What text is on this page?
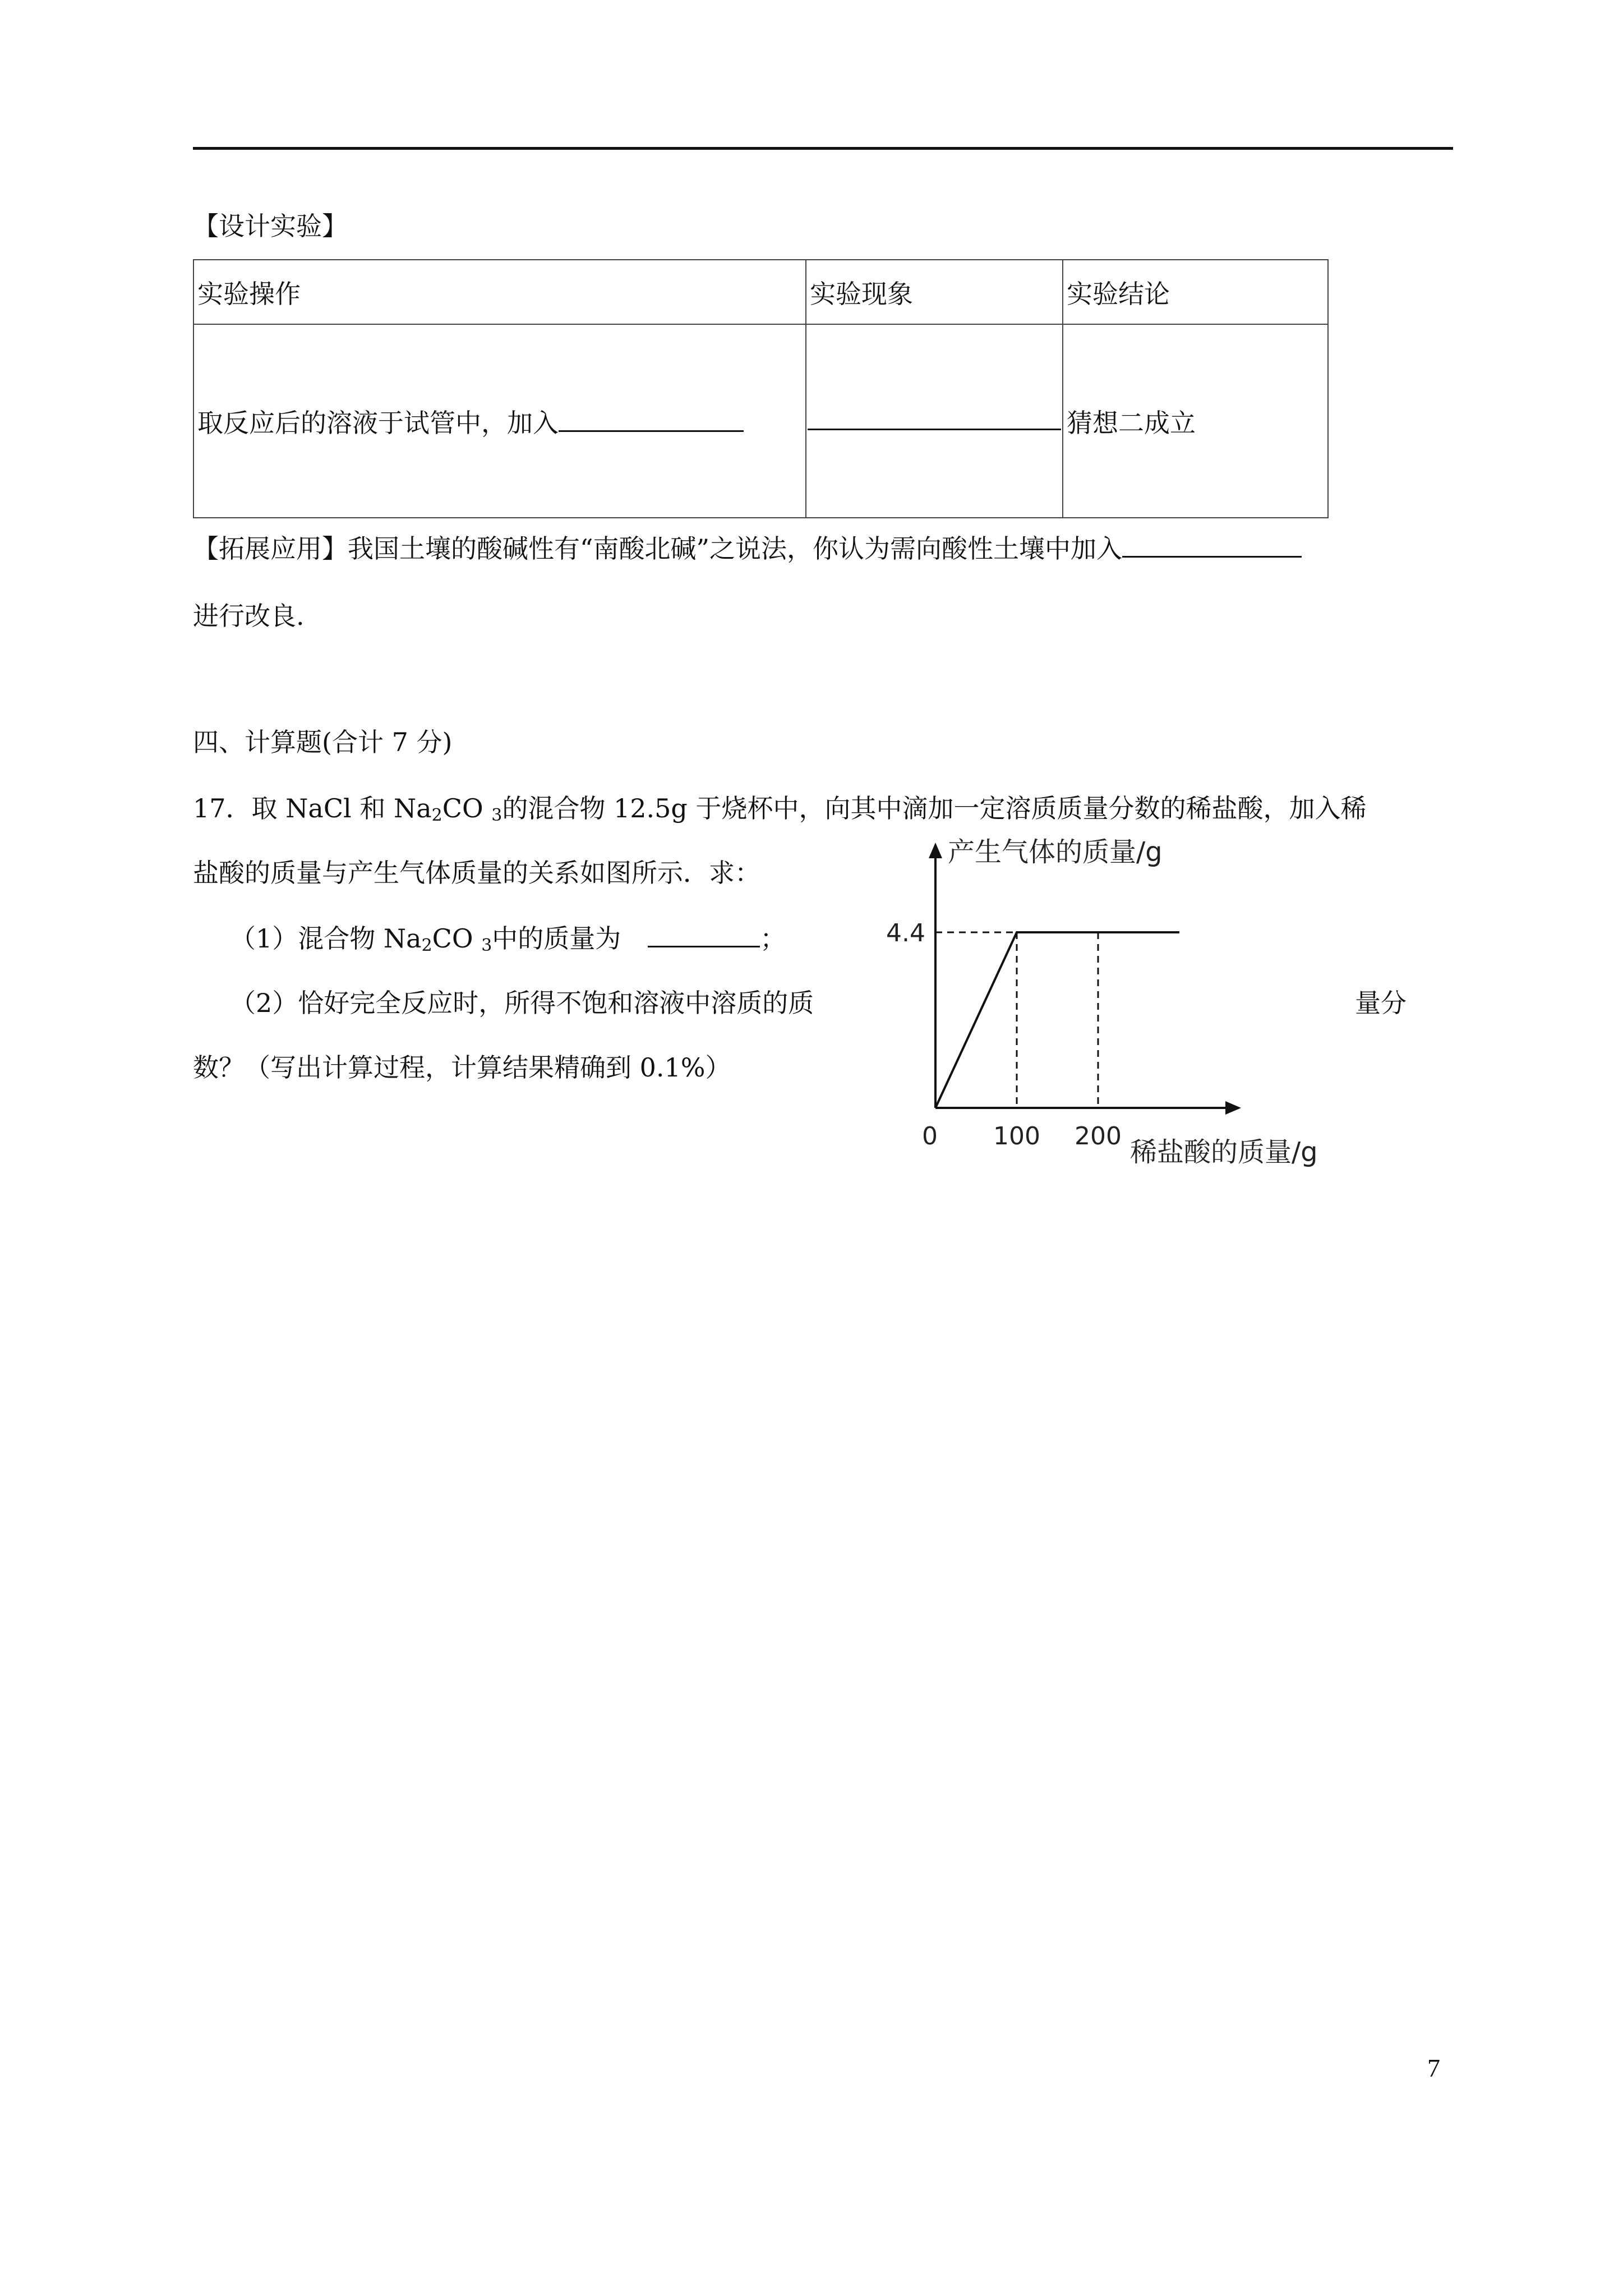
【设计实验】
实验操作	实验现象	实验结论
取反应后的溶液于试管中，加入		猜想二成立
【拓展应用】我国土壤的酸碱性有“南酸北碱”之说法，你认为需向酸性土壤中加入
进行改良.
四、计算题(合计 7 分)
17．取 NaCl 和 $Na_2CO$ $_3$的混合物 12.5g 于烧杯中，向其中滴加一定溶质质量分数的稀盐酸，加入稀
盐酸的质量与产生气体质量的关系如图所示．求：
（1）混合物 $Na_2CO$ $_3$中的质量为	；
（2）恰好完全反应时，所得不饱和溶液中溶质的质	量分
数？（写出计算过程，计算结果精确到 0.1%）
产生气体的质量/g
稀盐酸的质量/g
0 100 200
4.4
7
